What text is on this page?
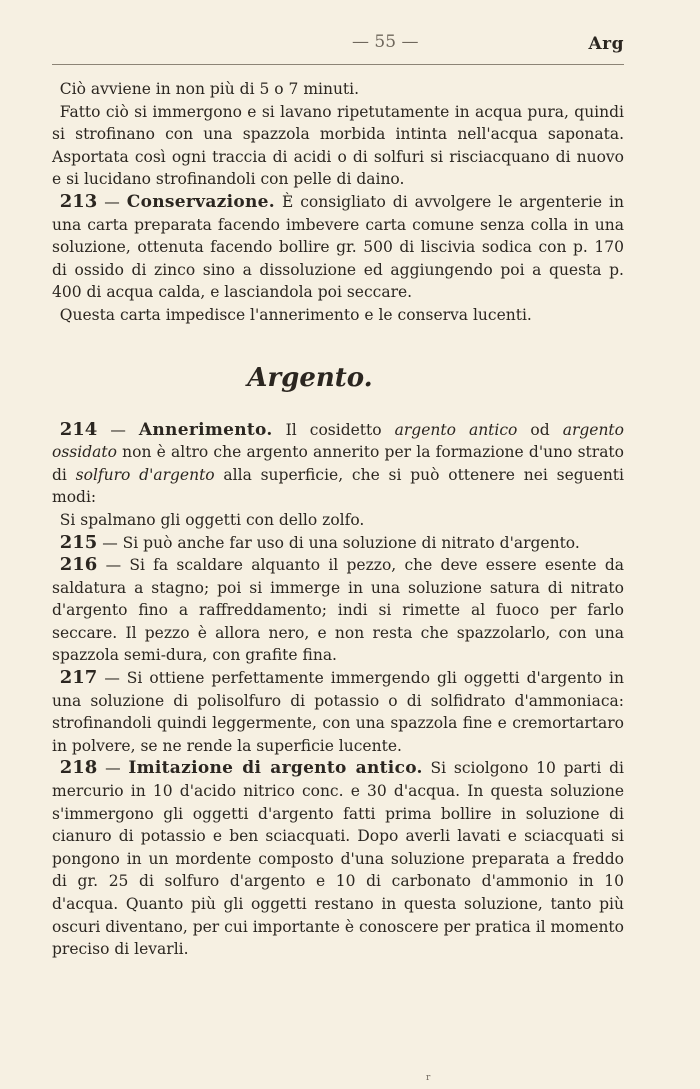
— 55 —	Arg

Ciò avviene in non più di 5 o 7 minuti.

Fatto ciò si immergono e si lavano ripetutamente in acqua pura, quindi si strofinano con una spazzola morbida intinta nell'acqua saponata. Asportata così ogni traccia di acidi o di solfuri si risciacquano di nuovo e si lucidano strofinandoli con pelle di daino.

213 — Conservazione. È consigliato di avvolgere le argenterie in una carta preparata facendo imbevere carta comune senza colla in una soluzione, ottenuta facendo bollire gr. 500 di liscivia sodica con p. 170 di ossido di zinco sino a dissoluzione ed aggiungendo poi a questa p. 400 di acqua calda, e lasciandola poi seccare.

Questa carta impedisce l'annerimento e le conserva lucenti.

Argento.

214 — Annerimento. Il cosidetto argento antico od argento ossidato non è altro che argento annerito per la formazione d'uno strato di solfuro d'argento alla superficie, che si può ottenere nei seguenti modi:

Si spalmano gli oggetti con dello zolfo.

215 — Si può anche far uso di una soluzione di nitrato d'argento.

216 — Si fa scaldare alquanto il pezzo, che deve essere esente da saldatura a stagno; poi si immerge in una soluzione satura di nitrato d'argento fino a raffreddamento; indi si rimette al fuoco per farlo seccare. Il pezzo è allora nero, e non resta che spazzolarlo, con una spazzola semi-dura, con grafite fina.

217 — Si ottiene perfettamente immergendo gli oggetti d'argento in una soluzione di polisolfuro di potassio o di solfidrato d'ammoniaca: strofinandoli quindi leggermente, con una spazzola fine e cremortartaro in polvere, se ne rende la superficie lucente.

218 — Imitazione di argento antico. Si sciolgono 10 parti di mercurio in 10 d'acido nitrico conc. e 30 d'acqua. In questa soluzione s'immergono gli oggetti d'argento fatti prima bollire in soluzione di cianuro di potassio e ben sciacquati. Dopo averli lavati e sciacquati si pongono in un mordente composto d'una soluzione preparata a freddo di gr. 25 di solfuro d'argento e 10 di carbonato d'ammonio in 10 d'acqua. Quanto più gli oggetti restano in questa soluzione, tanto più oscuri diventano, per cui importante è conoscere per pratica il momento preciso di levarli.

r
